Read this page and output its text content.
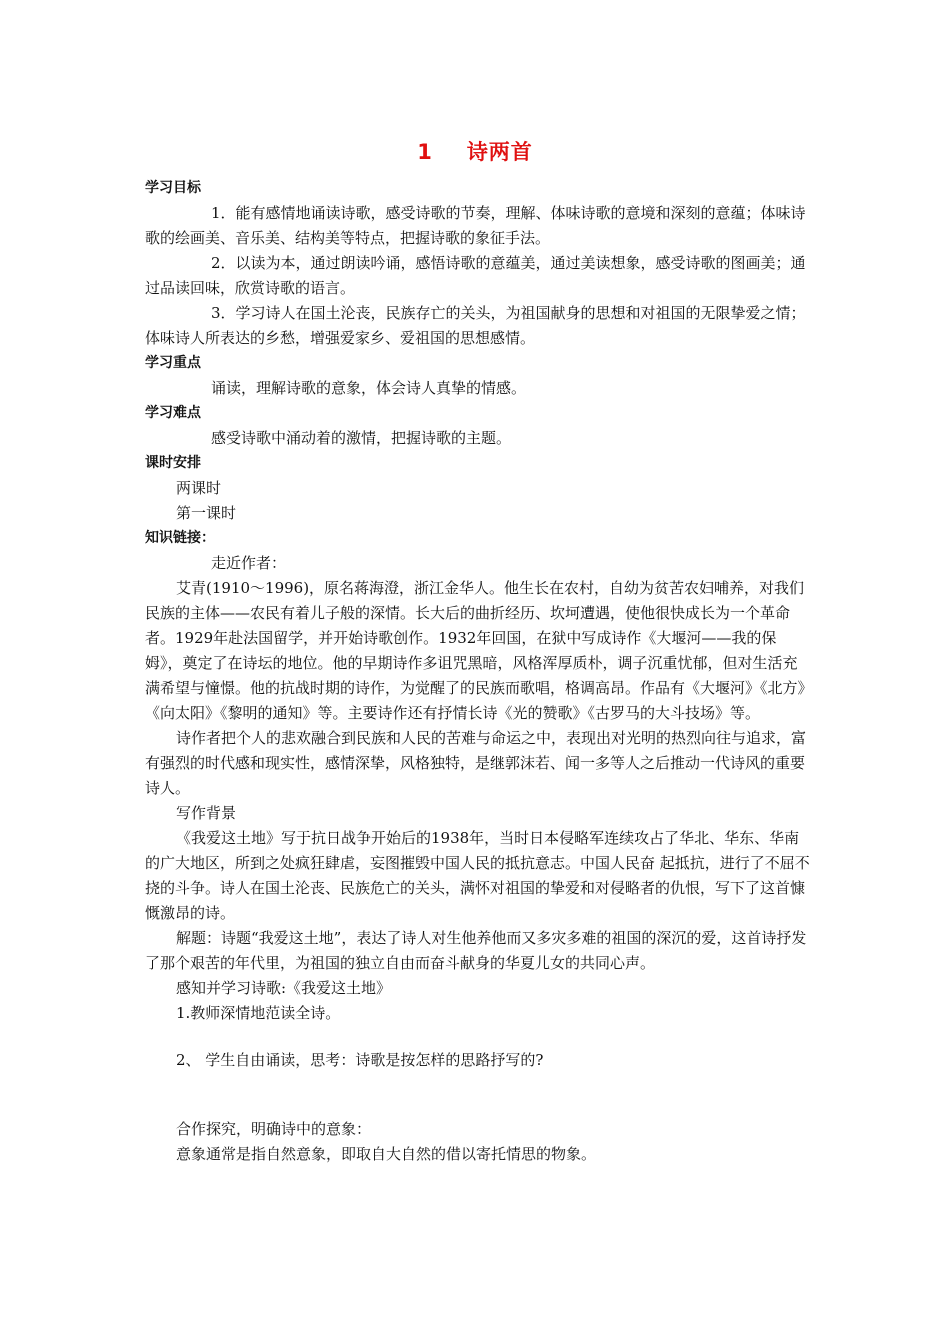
1 诗两首

学习目标

1．能有感情地诵读诗歌，感受诗歌的节奏，理解、体味诗歌的意境和深刻的意蕴；体味诗歌的绘画美、音乐美、结构美等特点，把握诗歌的象征手法。

2．以读为本，通过朗读吟诵，感悟诗歌的意蕴美，通过美读想象，感受诗歌的图画美；通过品读回味，欣赏诗歌的语言。

3．学习诗人在国土沦丧，民族存亡的关头，为祖国献身的思想和对祖国的无限挚爱之情；体味诗人所表达的乡愁，增强爱家乡、爱祖国的思想感情。

学习重点

诵读，理解诗歌的意象，体会诗人真挚的情感。

学习难点

感受诗歌中涌动着的激情，把握诗歌的主题。

课时安排

两课时

第一课时

知识链接：

走近作者：

艾青(1910～1996)，原名蒋海澄，浙江金华人。他生长在农村，自幼为贫苦农妇哺养，对我们民族的主体——农民有着儿子般的深情。长大后的曲折经历、坎坷遭遇，使他很快成长为一个革命者。1929年赴法国留学，并开始诗歌创作。1932年回国，在狱中写成诗作《大堰河——我的保姆》，奠定了在诗坛的地位。他的早期诗作多诅咒黑暗，风格浑厚质朴，调子沉重忧郁，但对生活充满希望与憧憬。他的抗战时期的诗作，为觉醒了的民族而歌唱，格调高昂。作品有《大堰河》《北方》《向太阳》《黎明的通知》等。主要诗作还有抒情长诗《光的赞歌》《古罗马的大斗技场》等。

诗作者把个人的悲欢融合到民族和人民的苦难与命运之中，表现出对光明的热烈向往与追求，富有强烈的时代感和现实性，感情深挚，风格独特，是继郭沫若、闻一多等人之后推动一代诗风的重要诗人。

写作背景

《我爱这土地》写于抗日战争开始后的1938年，当时日本侵略军连续攻占了华北、华东、华南的广大地区，所到之处疯狂肆虐，妄图摧毁中国人民的抵抗意志。中国人民奋 起抵抗，进行了不屈不挠的斗争。诗人在国土沦丧、民族危亡的关头，满怀对祖国的挚爱和对侵略者的仇恨，写下了这首慷慨激昂的诗。

解题：诗题“我爱这土地”，表达了诗人对生他养他而又多灾多难的祖国的深沉的爱，这首诗抒发了那个艰苦的年代里，为祖国的独立自由而奋斗献身的华夏儿女的共同心声。

感知并学习诗歌:《我爱这土地》

1.教师深情地范读全诗。

2、 学生自由诵读，思考：诗歌是按怎样的思路抒写的?

合作探究，明确诗中的意象：

意象通常是指自然意象，即取自大自然的借以寄托情思的物象。
